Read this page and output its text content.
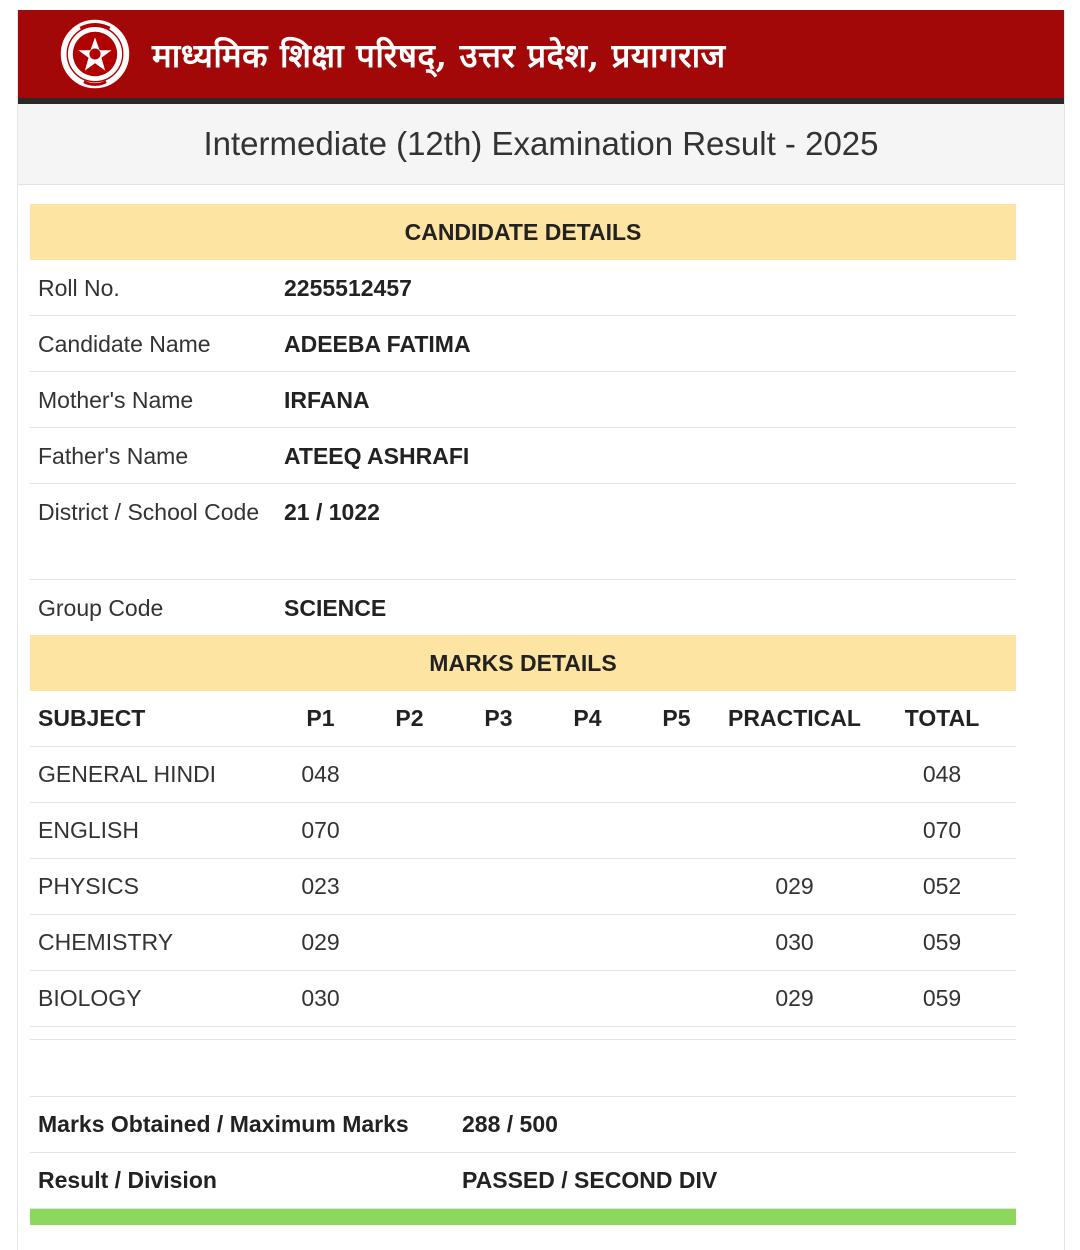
माध्यमिक शिक्षा परिषद्, उत्तर प्रदेश, प्रयागराज
Intermediate (12th) Examination Result - 2025
CANDIDATE DETAILS
Roll No.	2255512457
Candidate Name	ADEEBA FATIMA
Mother's Name	IRFANA
Father's Name	ATEEQ ASHRAFI
District / School Code	21 / 1022
Group Code	SCIENCE
MARKS DETAILS
SUBJECT	P1	P2	P3	P4	P5	PRACTICAL	TOTAL
GENERAL HINDI	048						048
ENGLISH	070						070
PHYSICS	023					029	052
CHEMISTRY	029					030	059
BIOLOGY	030					029	059
Marks Obtained / Maximum Marks	288 / 500
Result / Division	PASSED / SECOND DIV
